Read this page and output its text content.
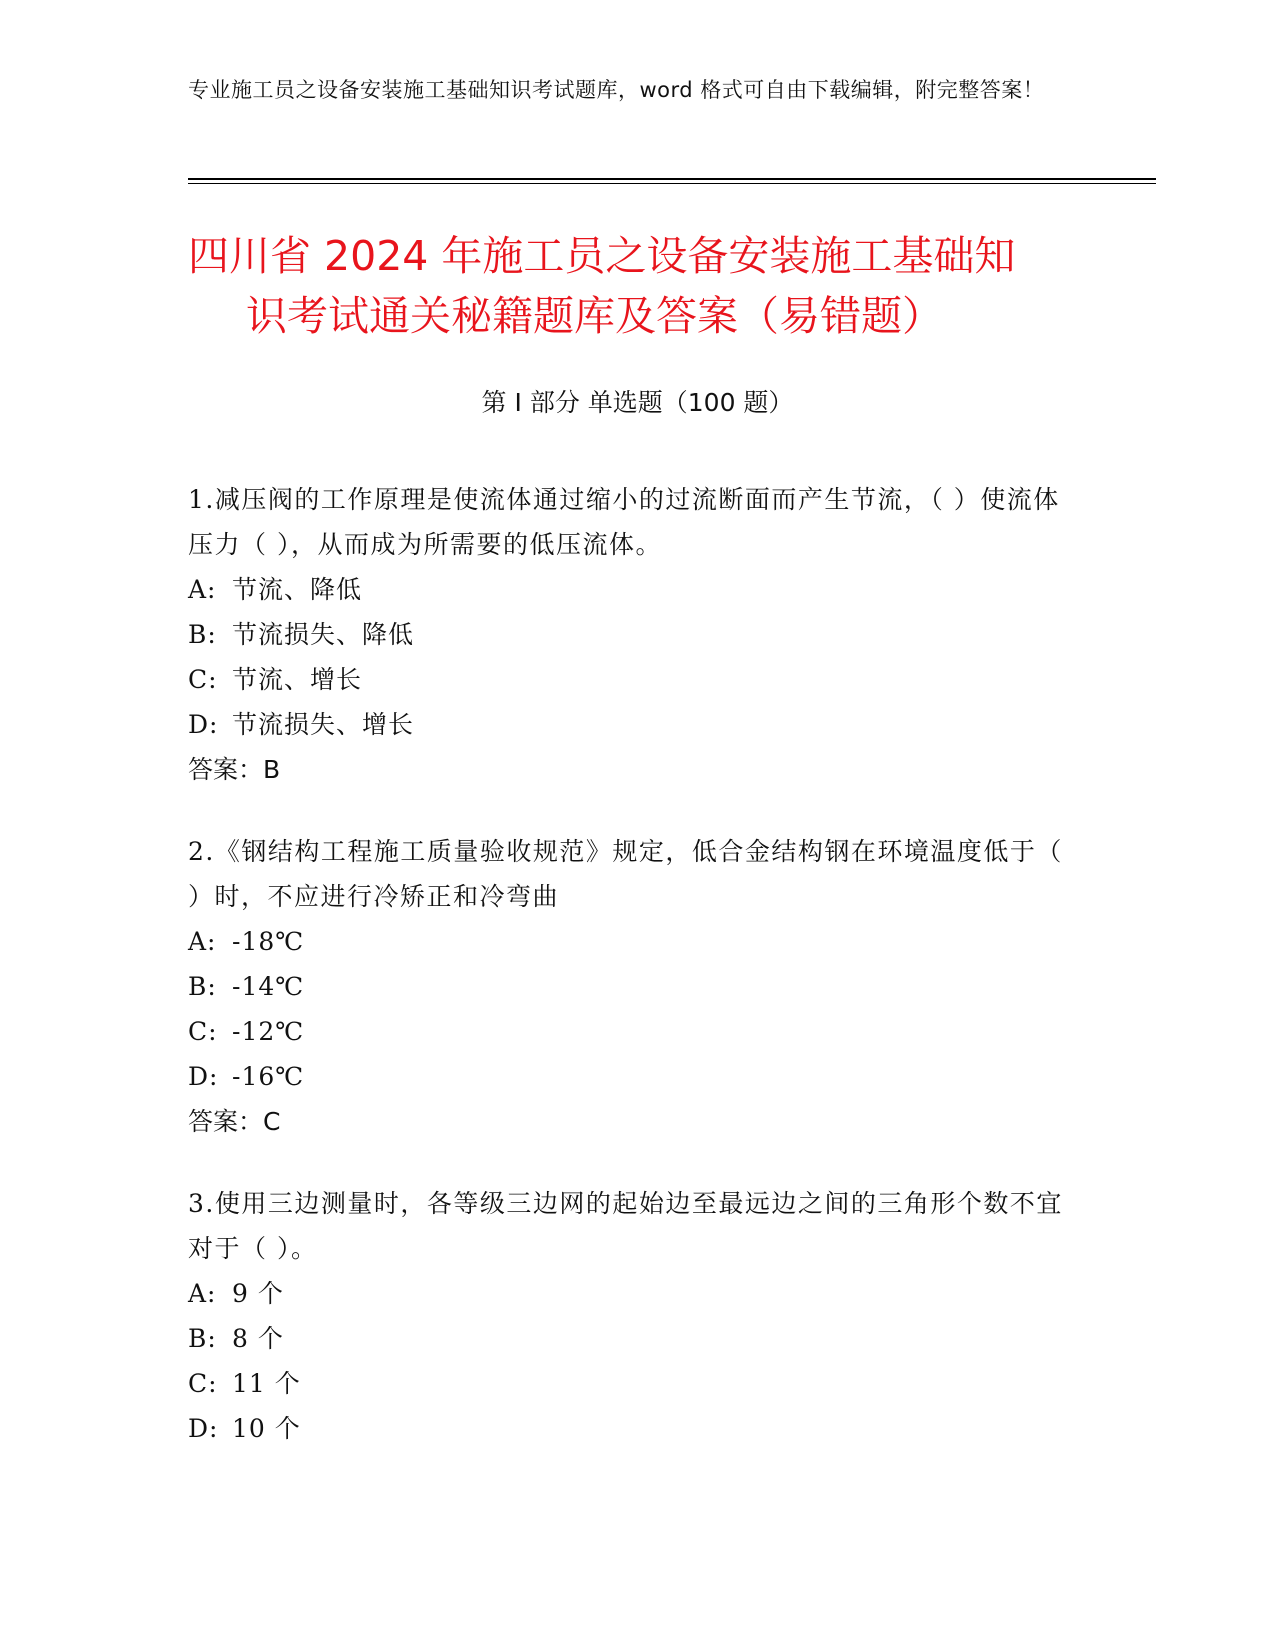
专业施工员之设备安装施工基础知识考试题库，word 格式可自由下载编辑，附完整答案！
四川省 2024 年施工员之设备安装施工基础知
识考试通关秘籍题库及答案（易错题）
第 I 部分 单选题（100 题）
1.减压阀的工作原理是使流体通过缩小的过流断面而产生节流，（ ）使流体压力（ ），从而成为所需要的低压流体。
A: 节流、降低
B: 节流损失、降低
C: 节流、增长
D: 节流损失、增长
答案：B
2.《钢结构工程施工质量验收规范》规定，低合金结构钢在环境温度低于（ ）时，不应进行冷矫正和冷弯曲
A: -18℃
B: -14℃
C: -12℃
D: -16℃
答案：C
3.使用三边测量时，各等级三边网的起始边至最远边之间的三角形个数不宜对于（ ）。
A: 9 个
B: 8 个
C: 11 个
D: 10 个
